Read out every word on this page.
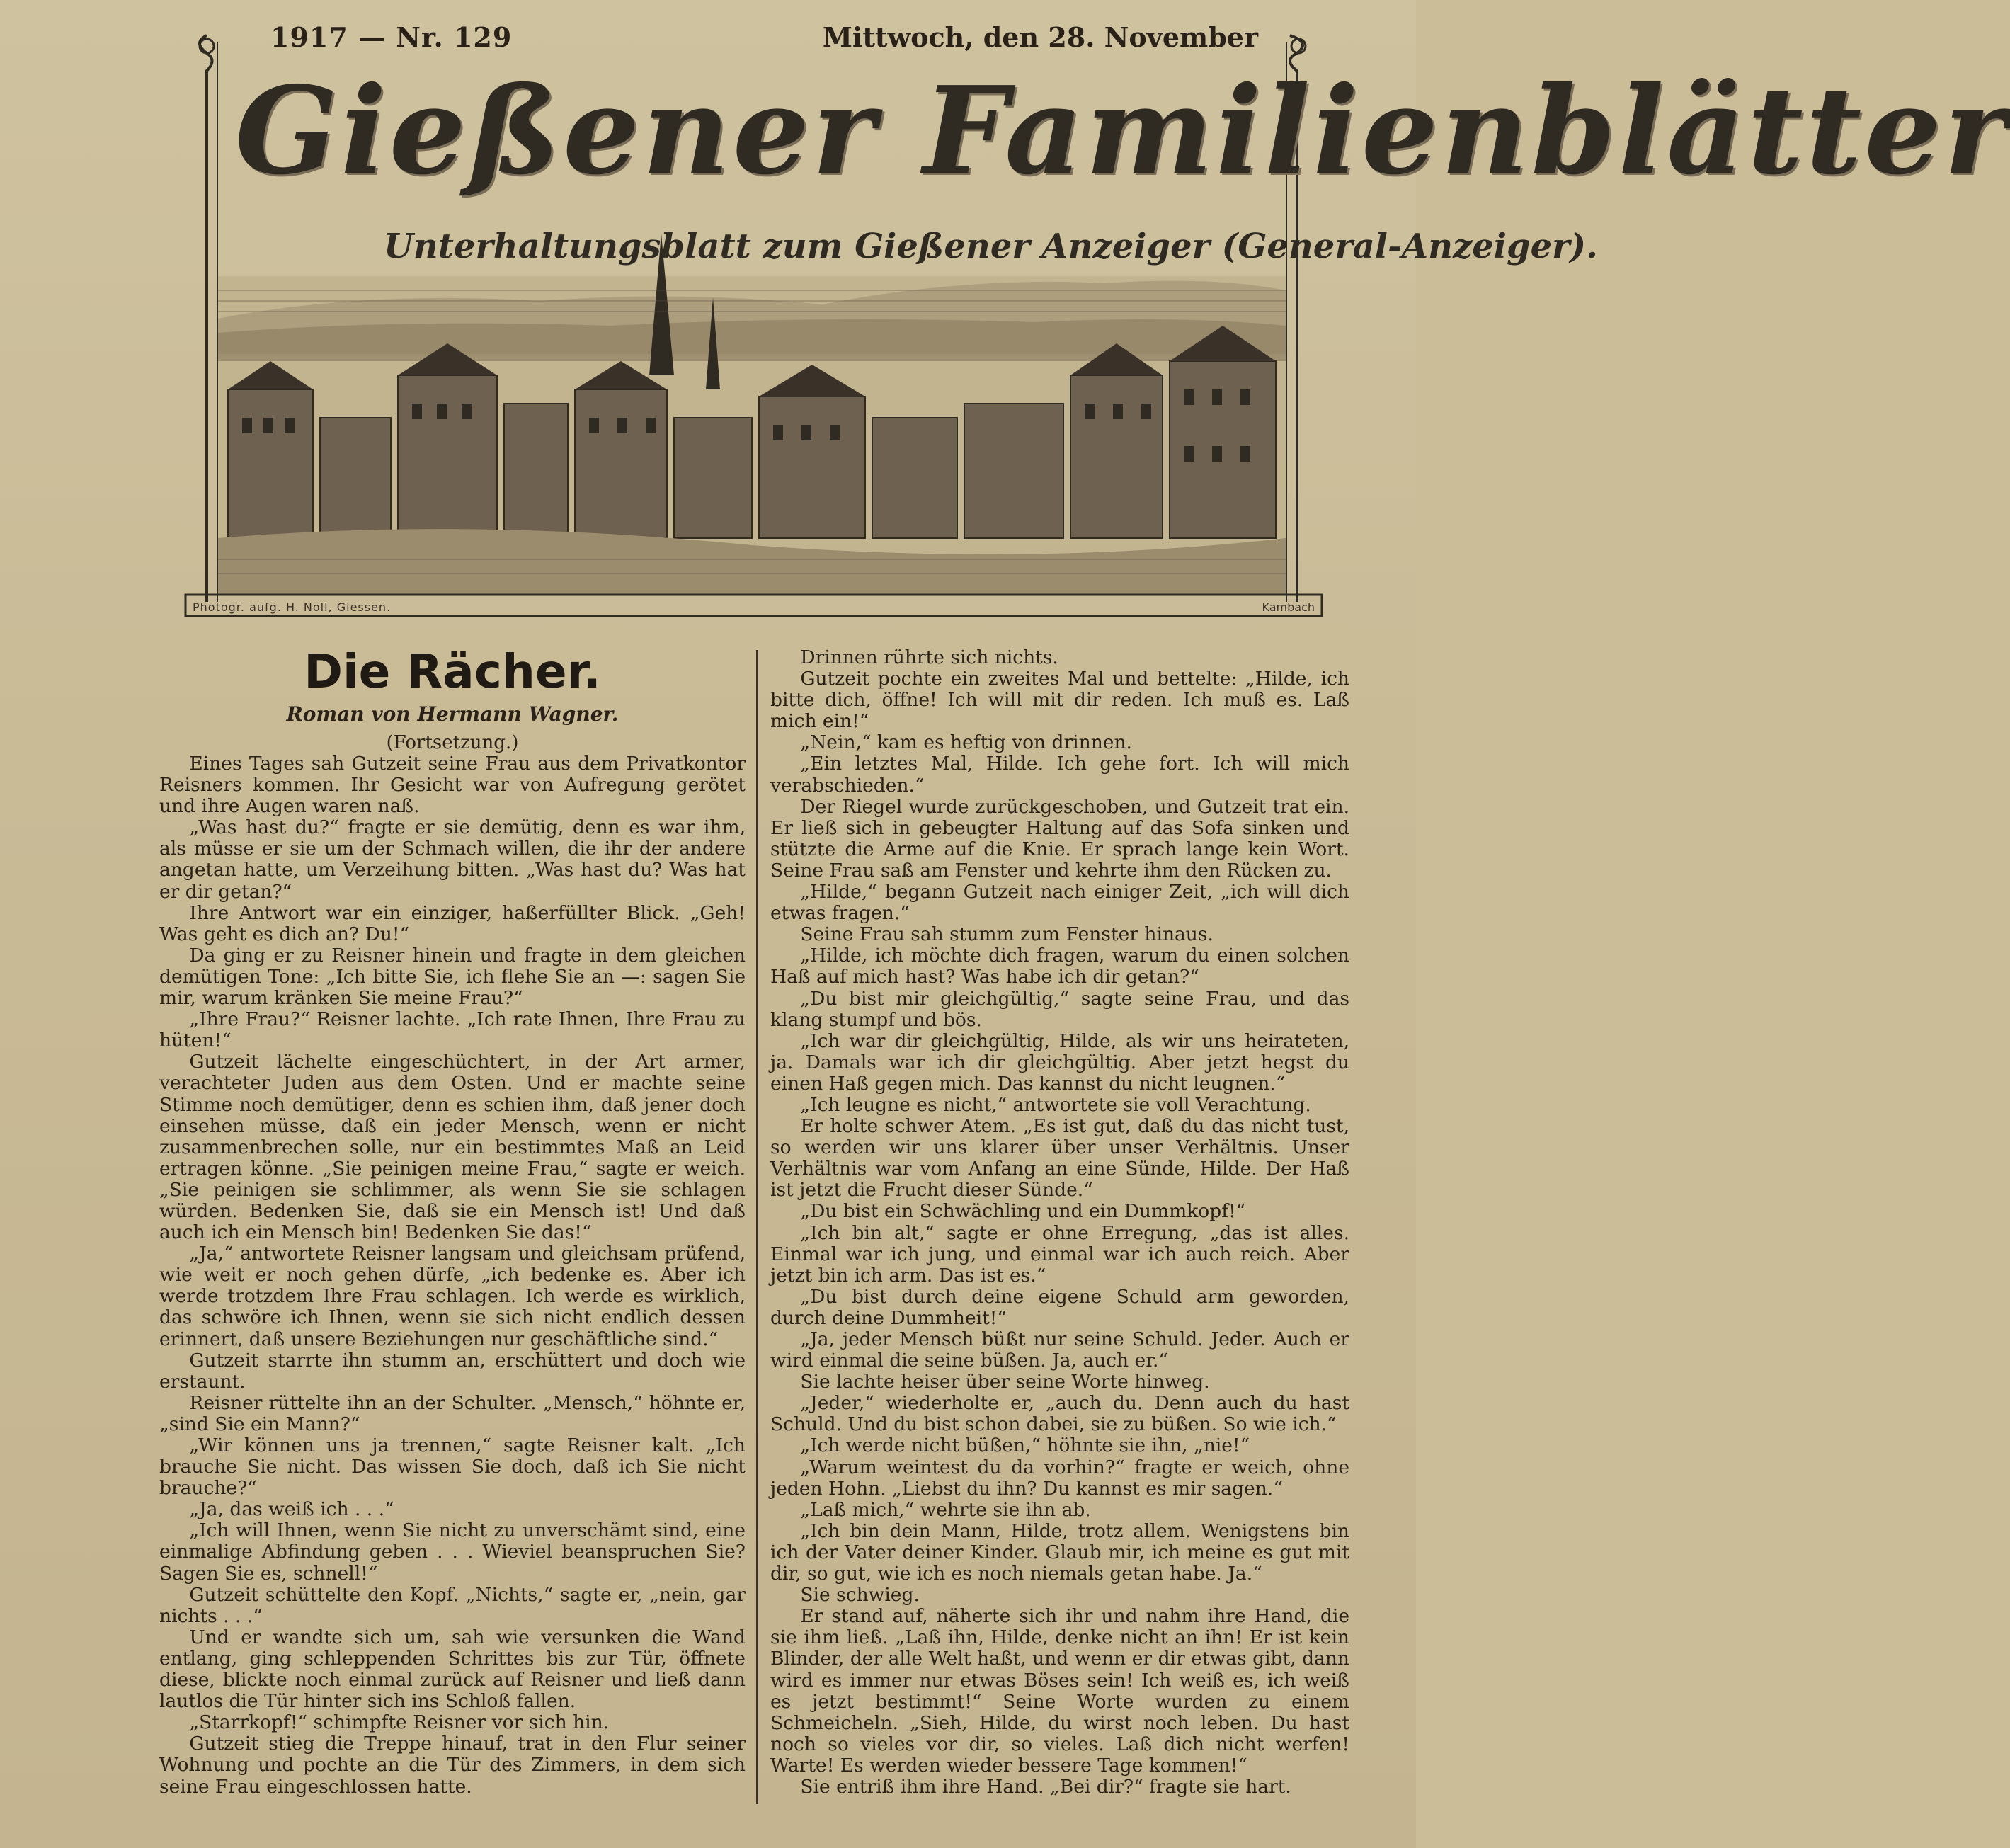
1917 — Nr. 129	Mittwoch, den 28. November
Gießener Familienblätter
Unterhaltungsblatt zum Gießener Anzeiger (General-Anzeiger).
Photogr. aufg. H. Noll, Giessen.	Kambach
Die Rächer.
Roman von Hermann Wagner.
(Fortsetzung.)

Eines Tages sah Gutzeit seine Frau aus dem Privatkontor Reisners kommen. Ihr Gesicht war von Aufregung gerötet und ihre Augen waren naß.

„Was hast du?“ fragte er sie demütig, denn es war ihm, als müsse er sie um der Schmach willen, die ihr der andere angetan hatte, um Verzeihung bitten. „Was hast du? Was hat er dir getan?“

Ihre Antwort war ein einziger, haßerfüllter Blick. „Geh! Was geht es dich an? Du!“

Da ging er zu Reisner hinein und fragte in dem gleichen demütigen Tone: „Ich bitte Sie, ich flehe Sie an —: sagen Sie mir, warum kränken Sie meine Frau?“

„Ihre Frau?“ Reisner lachte. „Ich rate Ihnen, Ihre Frau zu hüten!“

Gutzeit lächelte eingeschüchtert, in der Art armer, verachteter Juden aus dem Osten. Und er machte seine Stimme noch demütiger, denn es schien ihm, daß jener doch einsehen müsse, daß ein jeder Mensch, wenn er nicht zusammenbrechen solle, nur ein bestimmtes Maß an Leid ertragen könne. „Sie peinigen meine Frau,“ sagte er weich. „Sie peinigen sie schlimmer, als wenn Sie sie schlagen würden. Bedenken Sie, daß sie ein Mensch ist! Und daß auch ich ein Mensch bin! Bedenken Sie das!“

„Ja,“ antwortete Reisner langsam und gleichsam prüfend, wie weit er noch gehen dürfe, „ich bedenke es. Aber ich werde trotzdem Ihre Frau schlagen. Ich werde es wirklich, das schwöre ich Ihnen, wenn sie sich nicht endlich dessen erinnert, daß unsere Beziehungen nur geschäftliche sind.“

Gutzeit starrte ihn stumm an, erschüttert und doch wie erstaunt.

Reisner rüttelte ihn an der Schulter. „Mensch,“ höhnte er, „sind Sie ein Mann?“

„Wir können uns ja trennen,“ sagte Reisner kalt. „Ich brauche Sie nicht. Das wissen Sie doch, daß ich Sie nicht brauche?“

„Ja, das weiß ich . . .“

„Ich will Ihnen, wenn Sie nicht zu unverschämt sind, eine einmalige Abfindung geben . . . Wieviel beanspruchen Sie? Sagen Sie es, schnell!“

Gutzeit schüttelte den Kopf. „Nichts,“ sagte er, „nein, gar nichts . . .“

Und er wandte sich um, sah wie versunken die Wand entlang, ging schleppenden Schrittes bis zur Tür, öffnete diese, blickte noch einmal zurück auf Reisner und ließ dann lautlos die Tür hinter sich ins Schloß fallen.

„Starrkopf!“ schimpfte Reisner vor sich hin.

Gutzeit stieg die Treppe hinauf, trat in den Flur seiner Wohnung und pochte an die Tür des Zimmers, in dem sich seine Frau eingeschlossen hatte.

Drinnen rührte sich nichts.

Gutzeit pochte ein zweites Mal und bettelte: „Hilde, ich bitte dich, öffne! Ich will mit dir reden. Ich muß es. Laß mich ein!“

„Nein,“ kam es heftig von drinnen.

„Ein letztes Mal, Hilde. Ich gehe fort. Ich will mich verabschieden.“

Der Riegel wurde zurückgeschoben, und Gutzeit trat ein. Er ließ sich in gebeugter Haltung auf das Sofa sinken und stützte die Arme auf die Knie. Er sprach lange kein Wort. Seine Frau saß am Fenster und kehrte ihm den Rücken zu.

„Hilde,“ begann Gutzeit nach einiger Zeit, „ich will dich etwas fragen.“

Seine Frau sah stumm zum Fenster hinaus.

„Hilde, ich möchte dich fragen, warum du einen solchen Haß auf mich hast? Was habe ich dir getan?“

„Du bist mir gleichgültig,“ sagte seine Frau, und das klang stumpf und bös.

„Ich war dir gleichgültig, Hilde, als wir uns heirateten, ja. Damals war ich dir gleichgültig. Aber jetzt hegst du einen Haß gegen mich. Das kannst du nicht leugnen.“

„Ich leugne es nicht,“ antwortete sie voll Verachtung.

Er holte schwer Atem. „Es ist gut, daß du das nicht tust, so werden wir uns klarer über unser Verhältnis. Unser Verhältnis war vom Anfang an eine Sünde, Hilde. Der Haß ist jetzt die Frucht dieser Sünde.“

„Du bist ein Schwächling und ein Dummkopf!“

„Ich bin alt,“ sagte er ohne Erregung, „das ist alles. Einmal war ich jung, und einmal war ich auch reich. Aber jetzt bin ich arm. Das ist es.“

„Du bist durch deine eigene Schuld arm geworden, durch deine Dummheit!“

„Ja, jeder Mensch büßt nur seine Schuld. Jeder. Auch er wird einmal die seine büßen. Ja, auch er.“

Sie lachte heiser über seine Worte hinweg.

„Jeder,“ wiederholte er, „auch du. Denn auch du hast Schuld. Und du bist schon dabei, sie zu büßen. So wie ich.“

„Ich werde nicht büßen,“ höhnte sie ihn, „nie!“

„Warum weintest du da vorhin?“ fragte er weich, ohne jeden Hohn. „Liebst du ihn? Du kannst es mir sagen.“

„Laß mich,“ wehrte sie ihn ab.

„Ich bin dein Mann, Hilde, trotz allem. Wenigstens bin ich der Vater deiner Kinder. Glaub mir, ich meine es gut mit dir, so gut, wie ich es noch niemals getan habe. Ja.“

Sie schwieg.

Er stand auf, näherte sich ihr und nahm ihre Hand, die sie ihm ließ. „Laß ihn, Hilde, denke nicht an ihn! Er ist kein Blinder, der alle Welt haßt, und wenn er dir etwas gibt, dann wird es immer nur etwas Böses sein! Ich weiß es, ich weiß es jetzt bestimmt!“ Seine Worte wurden zu einem Schmeicheln. „Sieh, Hilde, du wirst noch leben. Du hast noch so vieles vor dir, so vieles. Laß dich nicht werfen! Warte! Es werden wieder bessere Tage kommen!“

Sie entriß ihm ihre Hand. „Bei dir?“ fragte sie hart.
